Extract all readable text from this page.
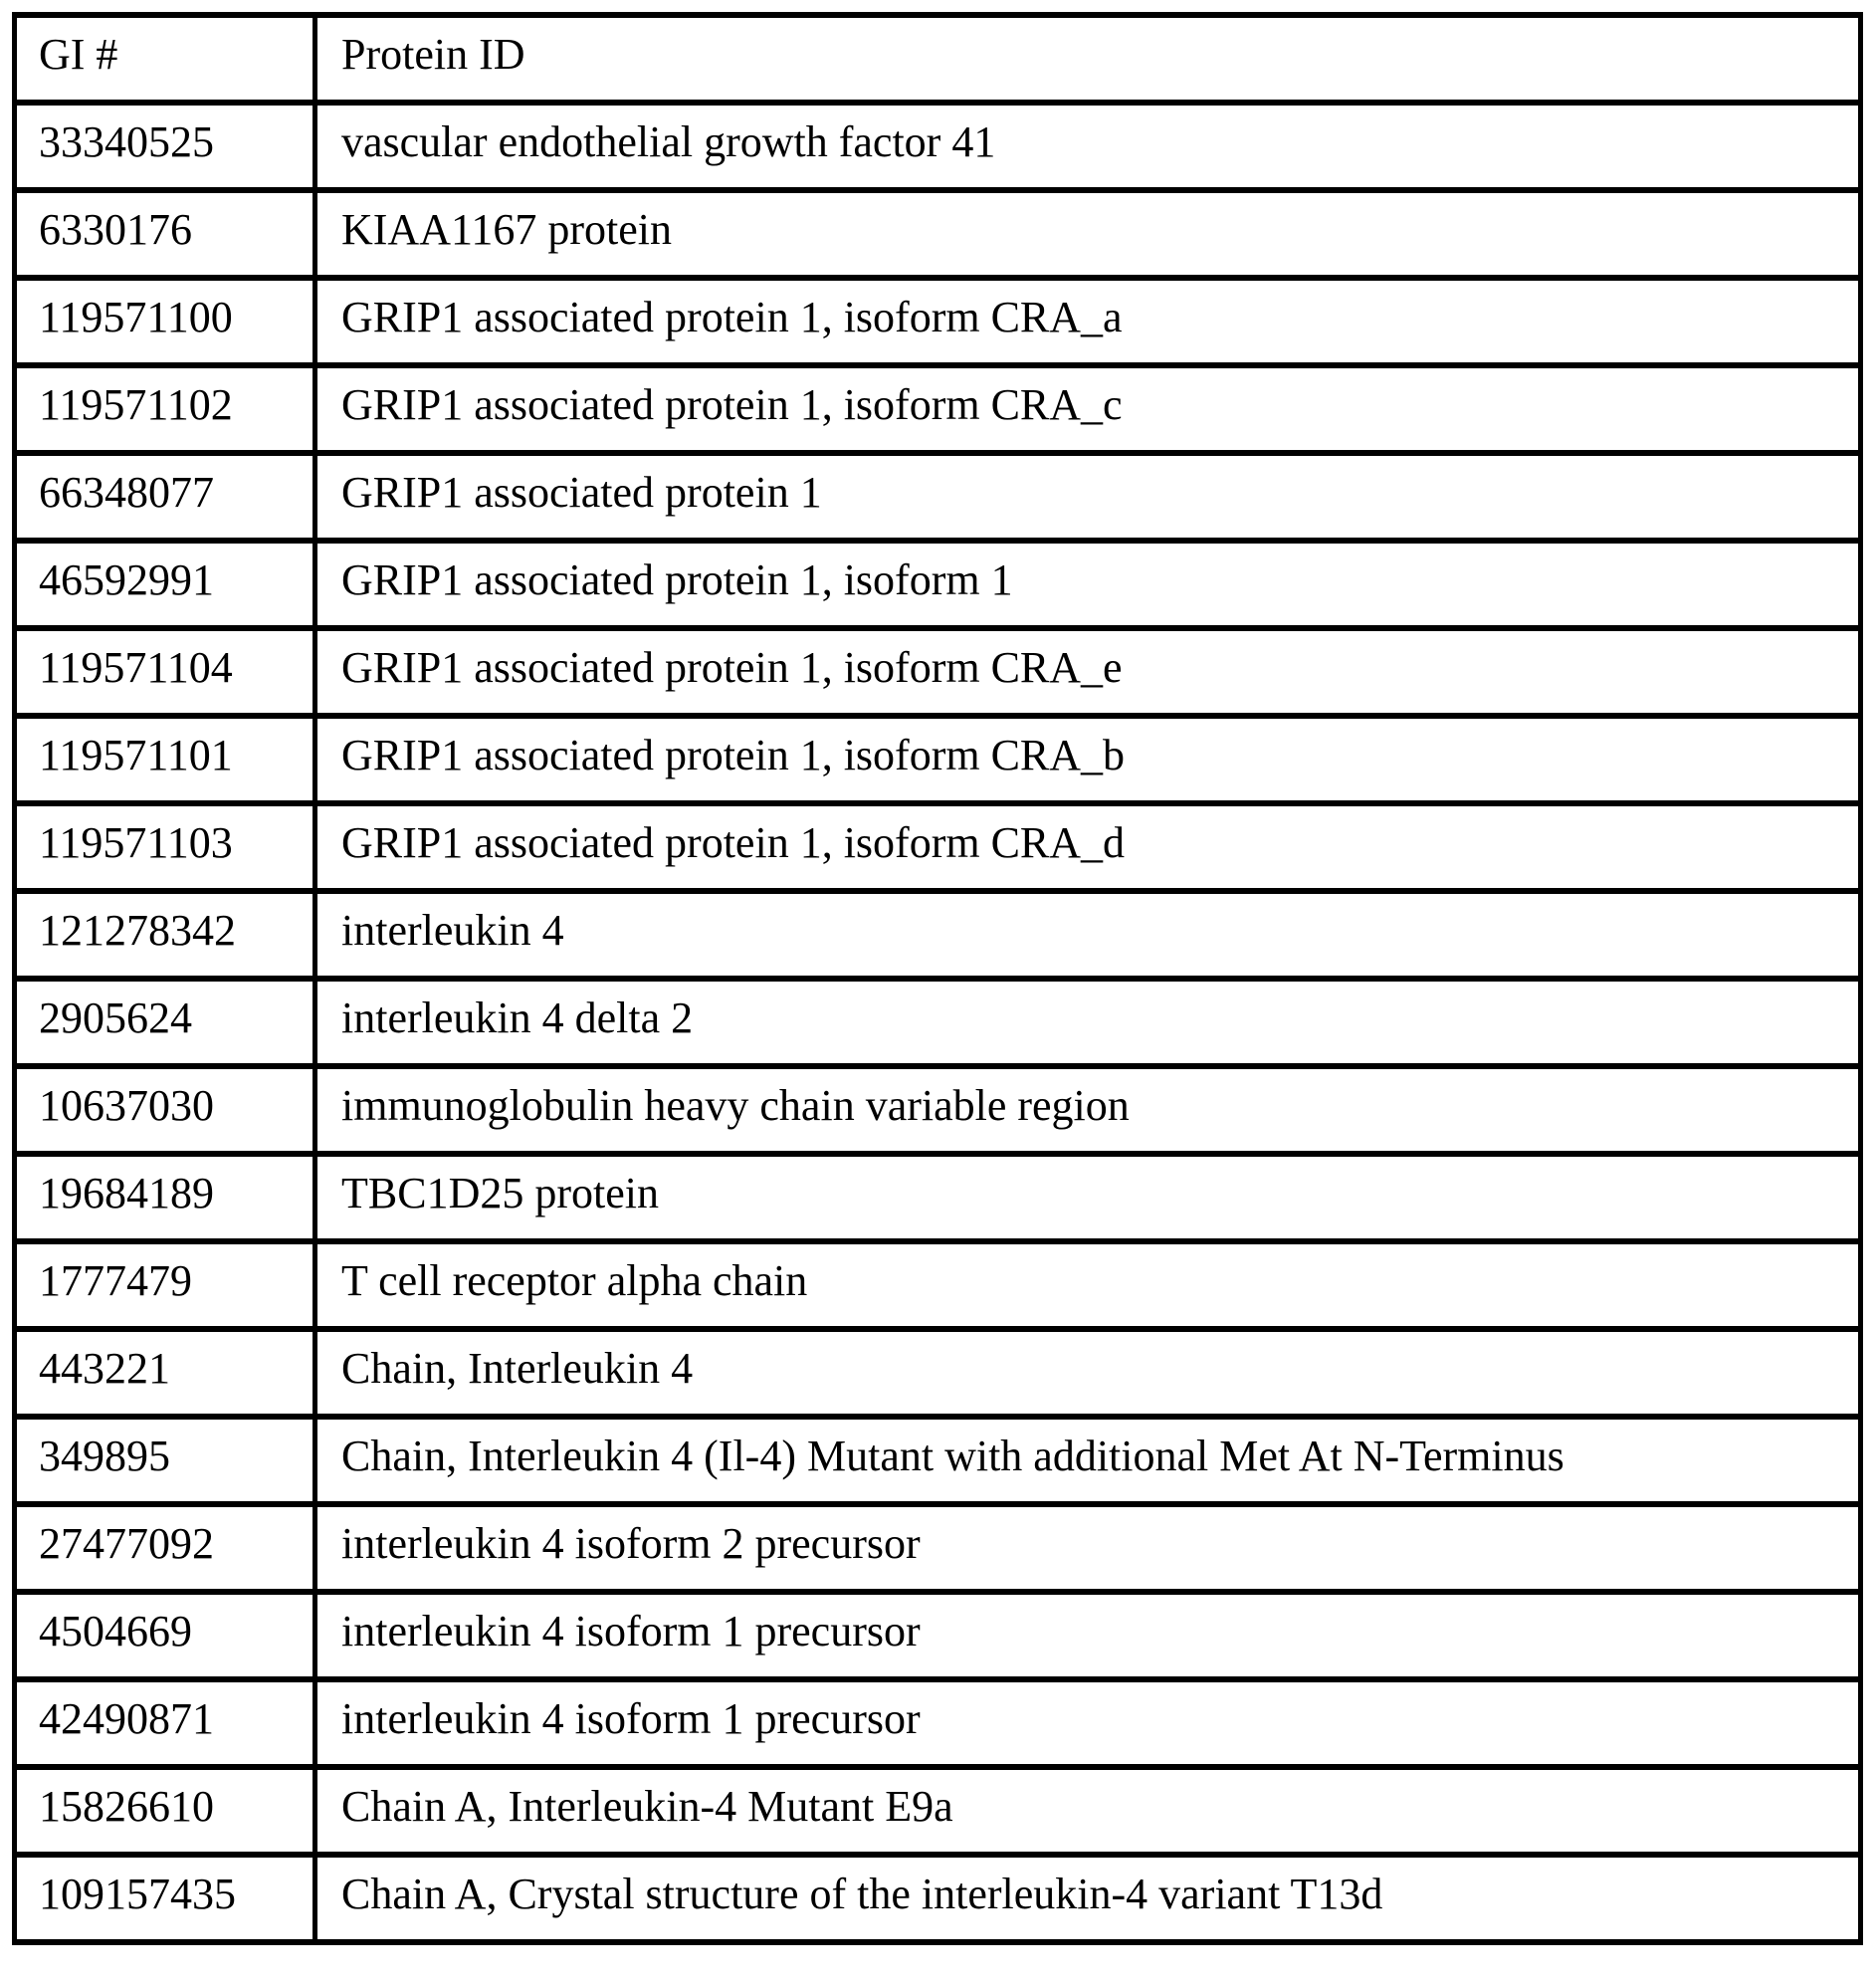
GI #	Protein ID
33340525	vascular endothelial growth factor 41
6330176	KIAA1167 protein
119571100	GRIP1 associated protein 1, isoform CRA_a
119571102	GRIP1 associated protein 1, isoform CRA_c
66348077	GRIP1 associated protein 1
46592991	GRIP1 associated protein 1, isoform 1
119571104	GRIP1 associated protein 1, isoform CRA_e
119571101	GRIP1 associated protein 1, isoform CRA_b
119571103	GRIP1 associated protein 1, isoform CRA_d
121278342	interleukin 4
2905624	interleukin 4 delta 2
10637030	immunoglobulin heavy chain variable region
19684189	TBC1D25 protein
1777479	T cell receptor alpha chain
443221	Chain, Interleukin 4
349895	Chain, Interleukin 4 (Il-4) Mutant with additional Met At N-Terminus
27477092	interleukin 4 isoform 2 precursor
4504669	interleukin 4 isoform 1 precursor
42490871	interleukin 4 isoform 1 precursor
15826610	Chain A, Interleukin-4 Mutant E9a
109157435	Chain A, Crystal structure of the interleukin-4 variant T13d
